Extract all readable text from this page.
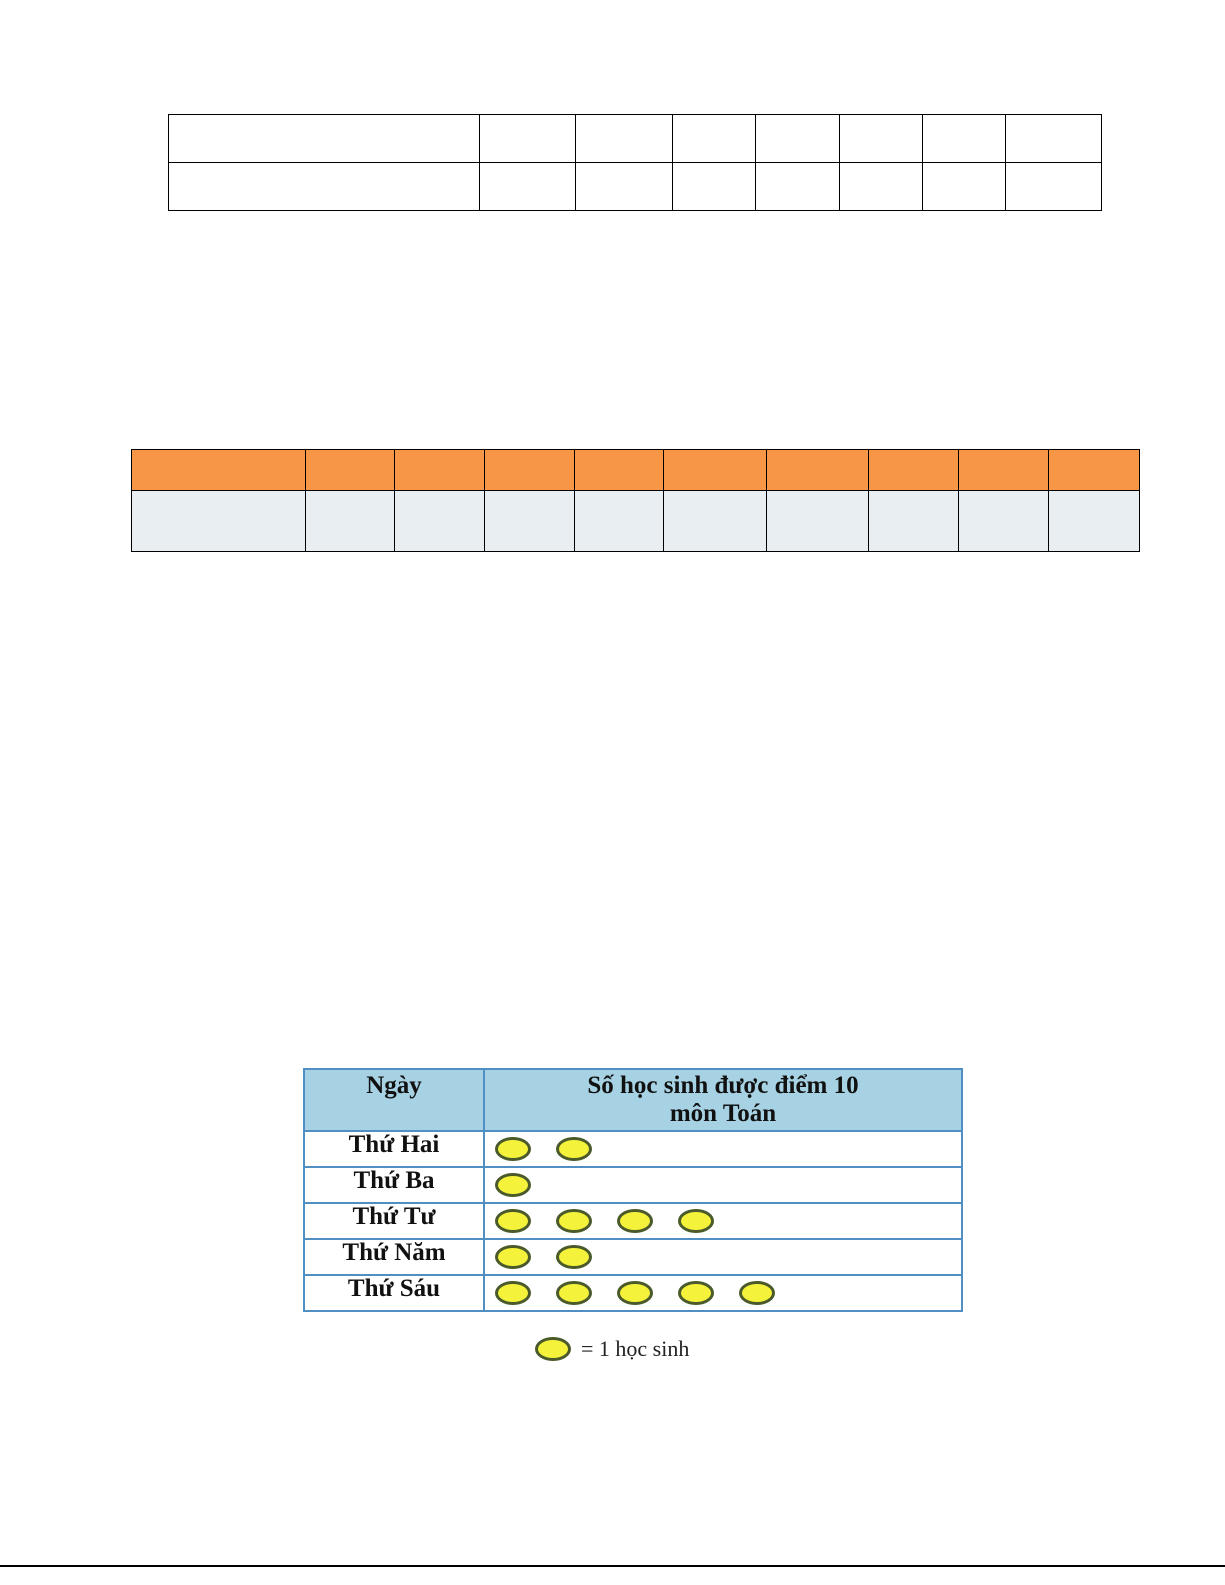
Ngày	Số học sinh được điểm 10
môn Toán
Thứ Hai	
Thứ Ba	
Thứ Tư	
Thứ Năm	
Thứ Sáu	
= 1 học sinh
